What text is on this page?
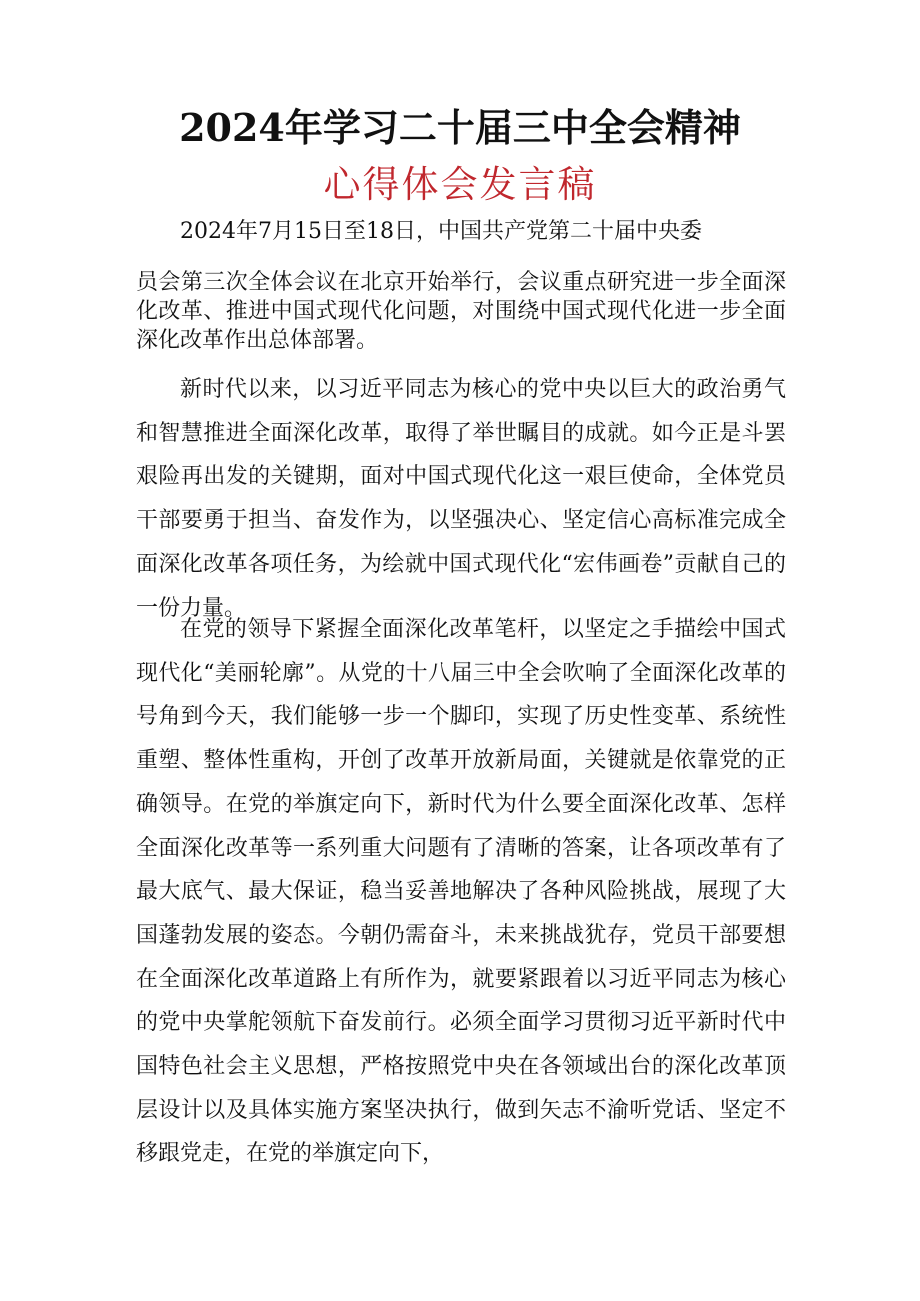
2024年学习二十届三中全会精神
心得体会发言稿
2024年7月15日至18日，中国共产党第二十届中央委

员会第三次全体会议在北京开始举行，会议重点研究进一步全面深化改革、推进中国式现代化问题，对围绕中国式现代化进一步全面深化改革作出总体部署。

新时代以来，以习近平同志为核心的党中央以巨大的政治勇气和智慧推进全面深化改革，取得了举世瞩目的成就。如今正是斗罢艰险再出发的关键期，面对中国式现代化这一艰巨使命，全体党员干部要勇于担当、奋发作为，以坚强决心、坚定信心高标准完成全面深化改革各项任务，为绘就中国式现代化“宏伟画卷”贡献自己的一份力量。

在党的领导下紧握全面深化改革笔杆，以坚定之手描绘中国式现代化“美丽轮廓”。从党的十八届三中全会吹响了全面深化改革的号角到今天，我们能够一步一个脚印，实现了历史性变革、系统性重塑、整体性重构，开创了改革开放新局面，关键就是依靠党的正确领导。在党的举旗定向下，新时代为什么要全面深化改革、怎样全面深化改革等一系列重大问题有了清晰的答案，让各项改革有了最大底气、最大保证，稳当妥善地解决了各种风险挑战，展现了大国蓬勃发展的姿态。今朝仍需奋斗，未来挑战犹存，党员干部要想在全面深化改革道路上有所作为，就要紧跟着以习近平同志为核心的党中央掌舵领航下奋发前行。必须全面学习贯彻习近平新时代中国特色社会主义思想，严格按照党中央在各领域出台的深化改革顶层设计以及具体实施方案坚决执行，做到矢志不渝听党话、坚定不移跟党走，在党的举旗定向下，
